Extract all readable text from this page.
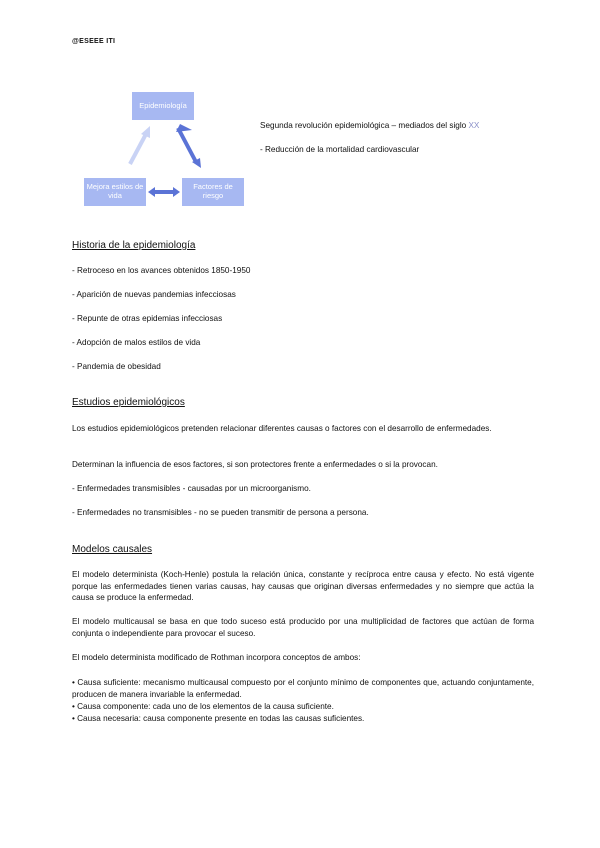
@ESEEE ITI
Epidemiología
Mejora estilos de vida
Factores de riesgo
Segunda revolución epidemiológica – mediados del siglo XX
- Reducción de la mortalidad cardiovascular
Historia de la epidemiología
- Retroceso en los avances obtenidos 1850-1950
- Aparición de nuevas pandemias infecciosas
- Repunte de otras epidemias infecciosas
- Adopción de malos estilos de vida
- Pandemia de obesidad
Estudios epidemiológicos
Los estudios epidemiológicos pretenden relacionar diferentes causas o factores con el desarrollo de enfermedades.
Determinan la influencia de esos factores, si son protectores frente a enfermedades o si la provocan.
- Enfermedades transmisibles - causadas por un microorganismo.
- Enfermedades no transmisibles - no se pueden transmitir de persona a persona.
Modelos causales
El modelo determinista (Koch-Henle) postula la relación única, constante y recíproca entre causa y efecto. No está vigente porque las enfermedades tienen varias causas, hay causas que originan diversas enfermedades y no siempre que actúa la causa se produce la enfermedad.
El modelo multicausal se basa en que todo suceso está producido por una multiplicidad de factores que actúan de forma conjunta o independiente para provocar el suceso.
El modelo determinista modificado de Rothman incorpora conceptos de ambos:
• Causa suficiente: mecanismo multicausal compuesto por el conjunto mínimo de componentes que, actuando conjuntamente, producen de manera invariable la enfermedad.
• Causa componente: cada uno de los elementos de la causa suficiente.
• Causa necesaria: causa componente presente en todas las causas suficientes.
